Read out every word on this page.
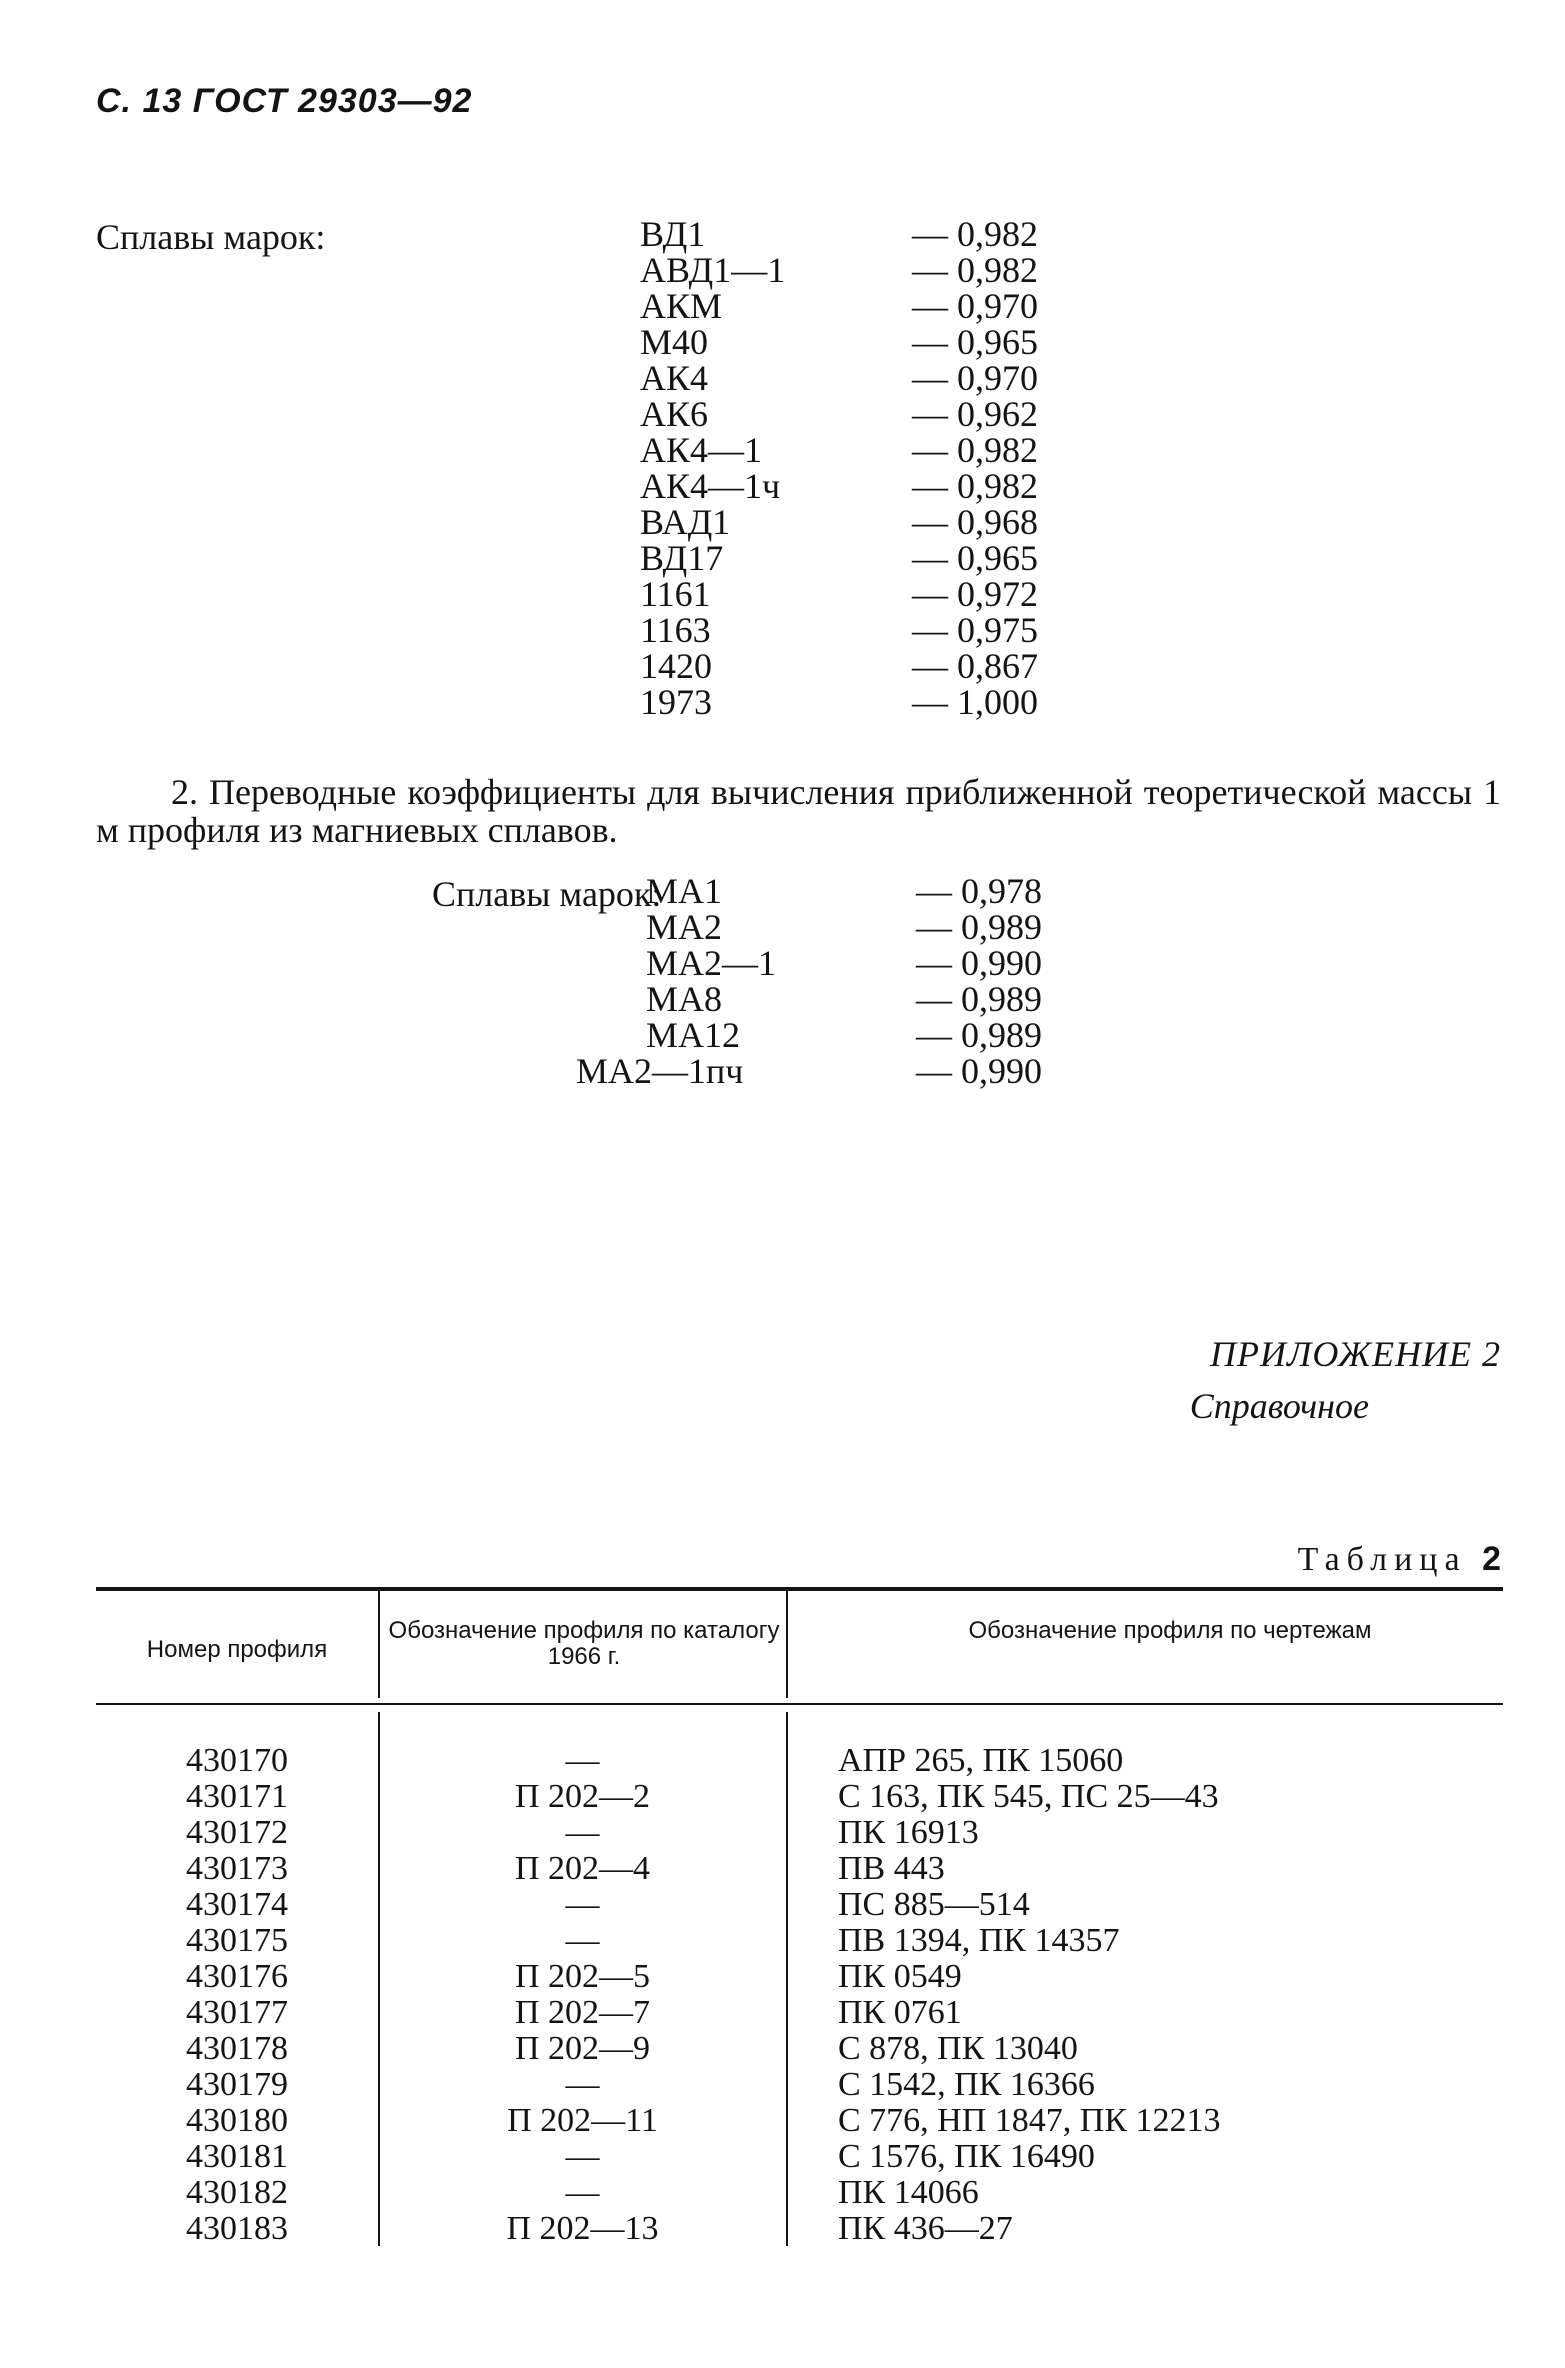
С. 13 ГОСТ 29303—92
Сплавы марок:	ВД1	— 0,982
АВД1—1	— 0,982
АКМ	— 0,970
М40	— 0,965
АК4	— 0,970
АК6	— 0,962
АК4—1	— 0,982
АК4—1ч	— 0,982
ВАД1	— 0,968
ВД17	— 0,965
1161	— 0,972
1163	— 0,975
1420	— 0,867
1973	— 1,000
2. Переводные коэффициенты для вычисления приближенной теоретической массы 1 м профиля из магниевых сплавов.
Сплавы марок:
МА1	— 0,978
МА2	— 0,989
МА2—1	— 0,990
МА8	— 0,989
МА12	— 0,989
МА2—1пч	— 0,990
ПРИЛОЖЕНИЕ 2
Справочное
Таблица 2
Номер профиля
Обозначение профиля по каталогу 1966 г.
Обозначение профиля по чертежам
430170	—	АПР 265, ПК 15060
430171	П 202—2	С 163, ПК 545, ПС 25—43
430172	—	ПК 16913
430173	П 202—4	ПВ 443
430174	—	ПС 885—514
430175	—	ПВ 1394, ПК 14357
430176	П 202—5	ПК 0549
430177	П 202—7	ПК 0761
430178	П 202—9	С 878, ПК 13040
430179	—	С 1542, ПК 16366
430180	П 202—11	С 776, НП 1847, ПК 12213
430181	—	С 1576, ПК 16490
430182	—	ПК 14066
430183	П 202—13	ПК 436—27
